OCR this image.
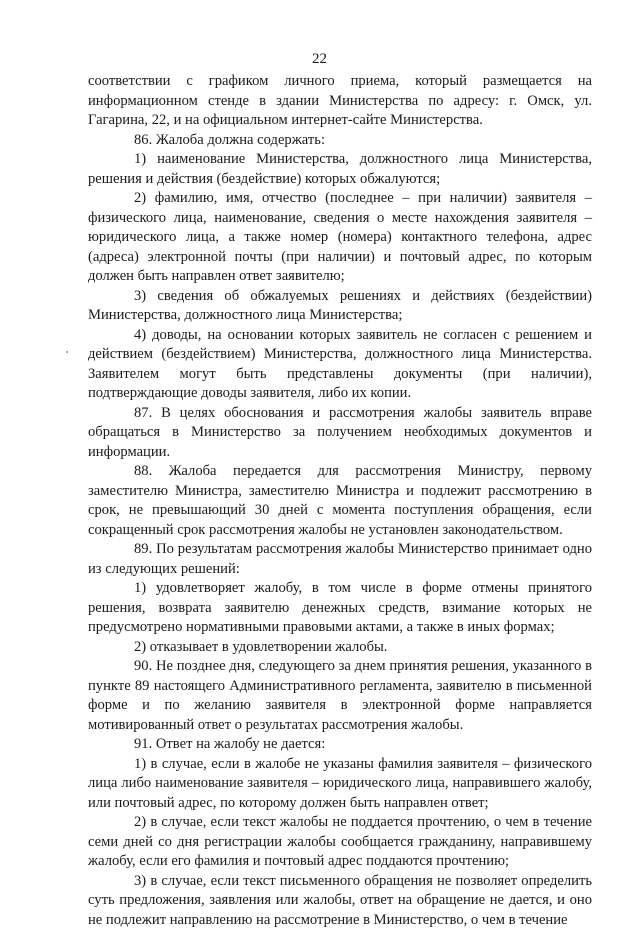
22

соответствии с графиком личного приема, который размещается на информационном стенде в здании Министерства по адресу: г. Омск, ул. Гагарина, 22, и на официальном интернет-сайте Министерства.

86. Жалоба должна содержать:

1) наименование Министерства, должностного лица Министерства, решения и действия (бездействие) которых обжалуются;

2) фамилию, имя, отчество (последнее – при наличии) заявителя – физического лица, наименование, сведения о месте нахождения заявителя – юридического лица, а также номер (номера) контактного телефона, адрес (адреса) электронной почты (при наличии) и почтовый адрес, по которым должен быть направлен ответ заявителю;

3) сведения об обжалуемых решениях и действиях (бездействии) Министерства, должностного лица Министерства;

4) доводы, на основании которых заявитель не согласен с решением и действием (бездействием) Министерства, должностного лица Министерства. Заявителем могут быть представлены документы (при наличии), подтверждающие доводы заявителя, либо их копии.

87. В целях обоснования и рассмотрения жалобы заявитель вправе обращаться в Министерство за получением необходимых документов и информации.

88. Жалоба передается для рассмотрения Министру, первому заместителю Министра, заместителю Министра и подлежит рассмотрению в срок, не превышающий 30 дней с момента поступления обращения, если сокращенный срок рассмотрения жалобы не установлен законодательством.

89. По результатам рассмотрения жалобы Министерство принимает одно из следующих решений:

1) удовлетворяет жалобу, в том числе в форме отмены принятого решения, возврата заявителю денежных средств, взимание которых не предусмотрено нормативными правовыми актами, а также в иных формах;

2) отказывает в удовлетворении жалобы.

90. Не позднее дня, следующего за днем принятия решения, указанного в пункте 89 настоящего Административного регламента, заявителю в письменной форме и по желанию заявителя в электронной форме направляется мотивированный ответ о результатах рассмотрения жалобы.

91. Ответ на жалобу не дается:

1) в случае, если в жалобе не указаны фамилия заявителя – физического лица либо наименование заявителя – юридического лица, направившего жалобу, или почтовый адрес, по которому должен быть направлен ответ;

2) в случае, если текст жалобы не поддается прочтению, о чем в течение семи дней со дня регистрации жалобы сообщается гражданину, направившему жалобу, если его фамилия и почтовый адрес поддаются прочтению;

3) в случае, если текст письменного обращения не позволяет определить суть предложения, заявления или жалобы, ответ на обращение не дается, и оно не подлежит направлению на рассмотрение в Министерство, о чем в течение
